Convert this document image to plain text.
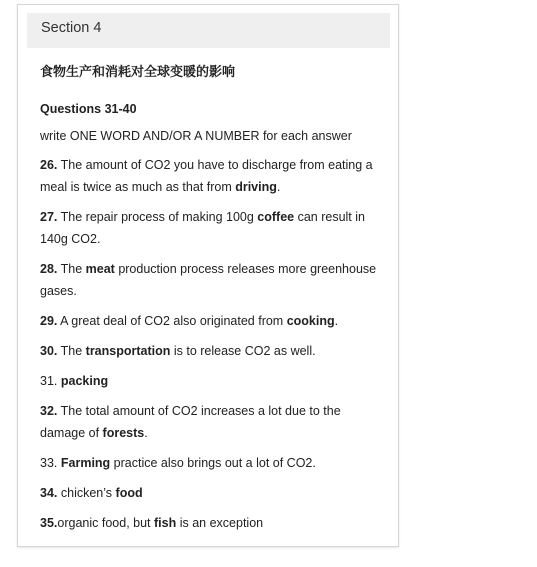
Section 4
食物生产和消耗对全球变暖的影响
Questions 31-40
write ONE WORD AND/OR A NUMBER for each answer
26. The amount of CO2 you have to discharge from eating a meal is twice as much as that from driving.
27. The repair process of making 100g coffee can result in 140g CO2.
28. The meat production process releases more greenhouse gases.
29. A great deal of CO2 also originated from cooking.
30. The transportation is to release CO2 as well.
31. packing
32. The total amount of CO2 increases a lot due to the damage of forests.
33. Farming practice also brings out a lot of CO2.
34. chicken’s food
35.organic food, but fish is an exception
